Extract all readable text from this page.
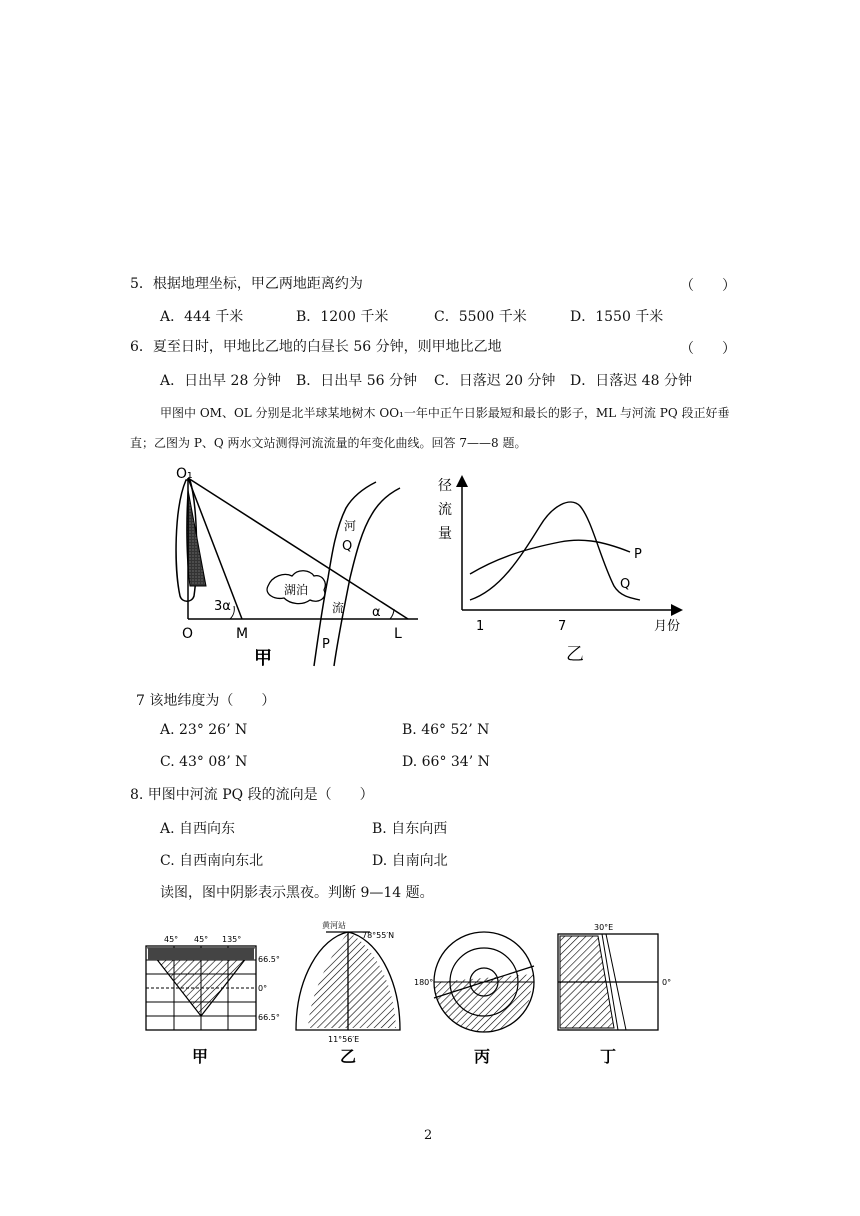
5．根据地理坐标，甲乙两地距离约为	（　　）
A．444 千米	B．1200 千米	C．5500 千米	D．1550 千米
6．夏至日时，甲地比乙地的白昼长 56 分钟，则甲地比乙地	（　　）
A．日出早 28 分钟 B．日出早 56 分钟 C．日落迟 20 分钟 D．日落迟 48 分钟
甲图中 OM、OL 分别是北半球某地树木 OO₁一年中正午日影最短和最长的影子，ML 与河流 PQ 段正好垂
直；乙图为 P、Q 两水文站测得河流流量的年变化曲线。回答 7——8 题。
O₁
O	M	L
3α	α
湖泊
河
Q
流
P
甲
径
流
量
P
Q
1	7	月份
乙
7 该地纬度为（　　）
A. 23° 26’ N	B. 46° 52’ N
C. 43° 08’ N	D. 66° 34’ N
8. 甲图中河流 PQ 段的流向是（　　）
A. 自西向东	B. 自东向西
C. 自西南向东北	D. 自南向北
读图，图中阴影表示黑夜。判断 9—14 题。
45° 45° 135°
66.5°
0°
66.5°
甲
黄河站
78°55′N
11°56′E
乙
180°
丙
30°E
0°
丁
2
